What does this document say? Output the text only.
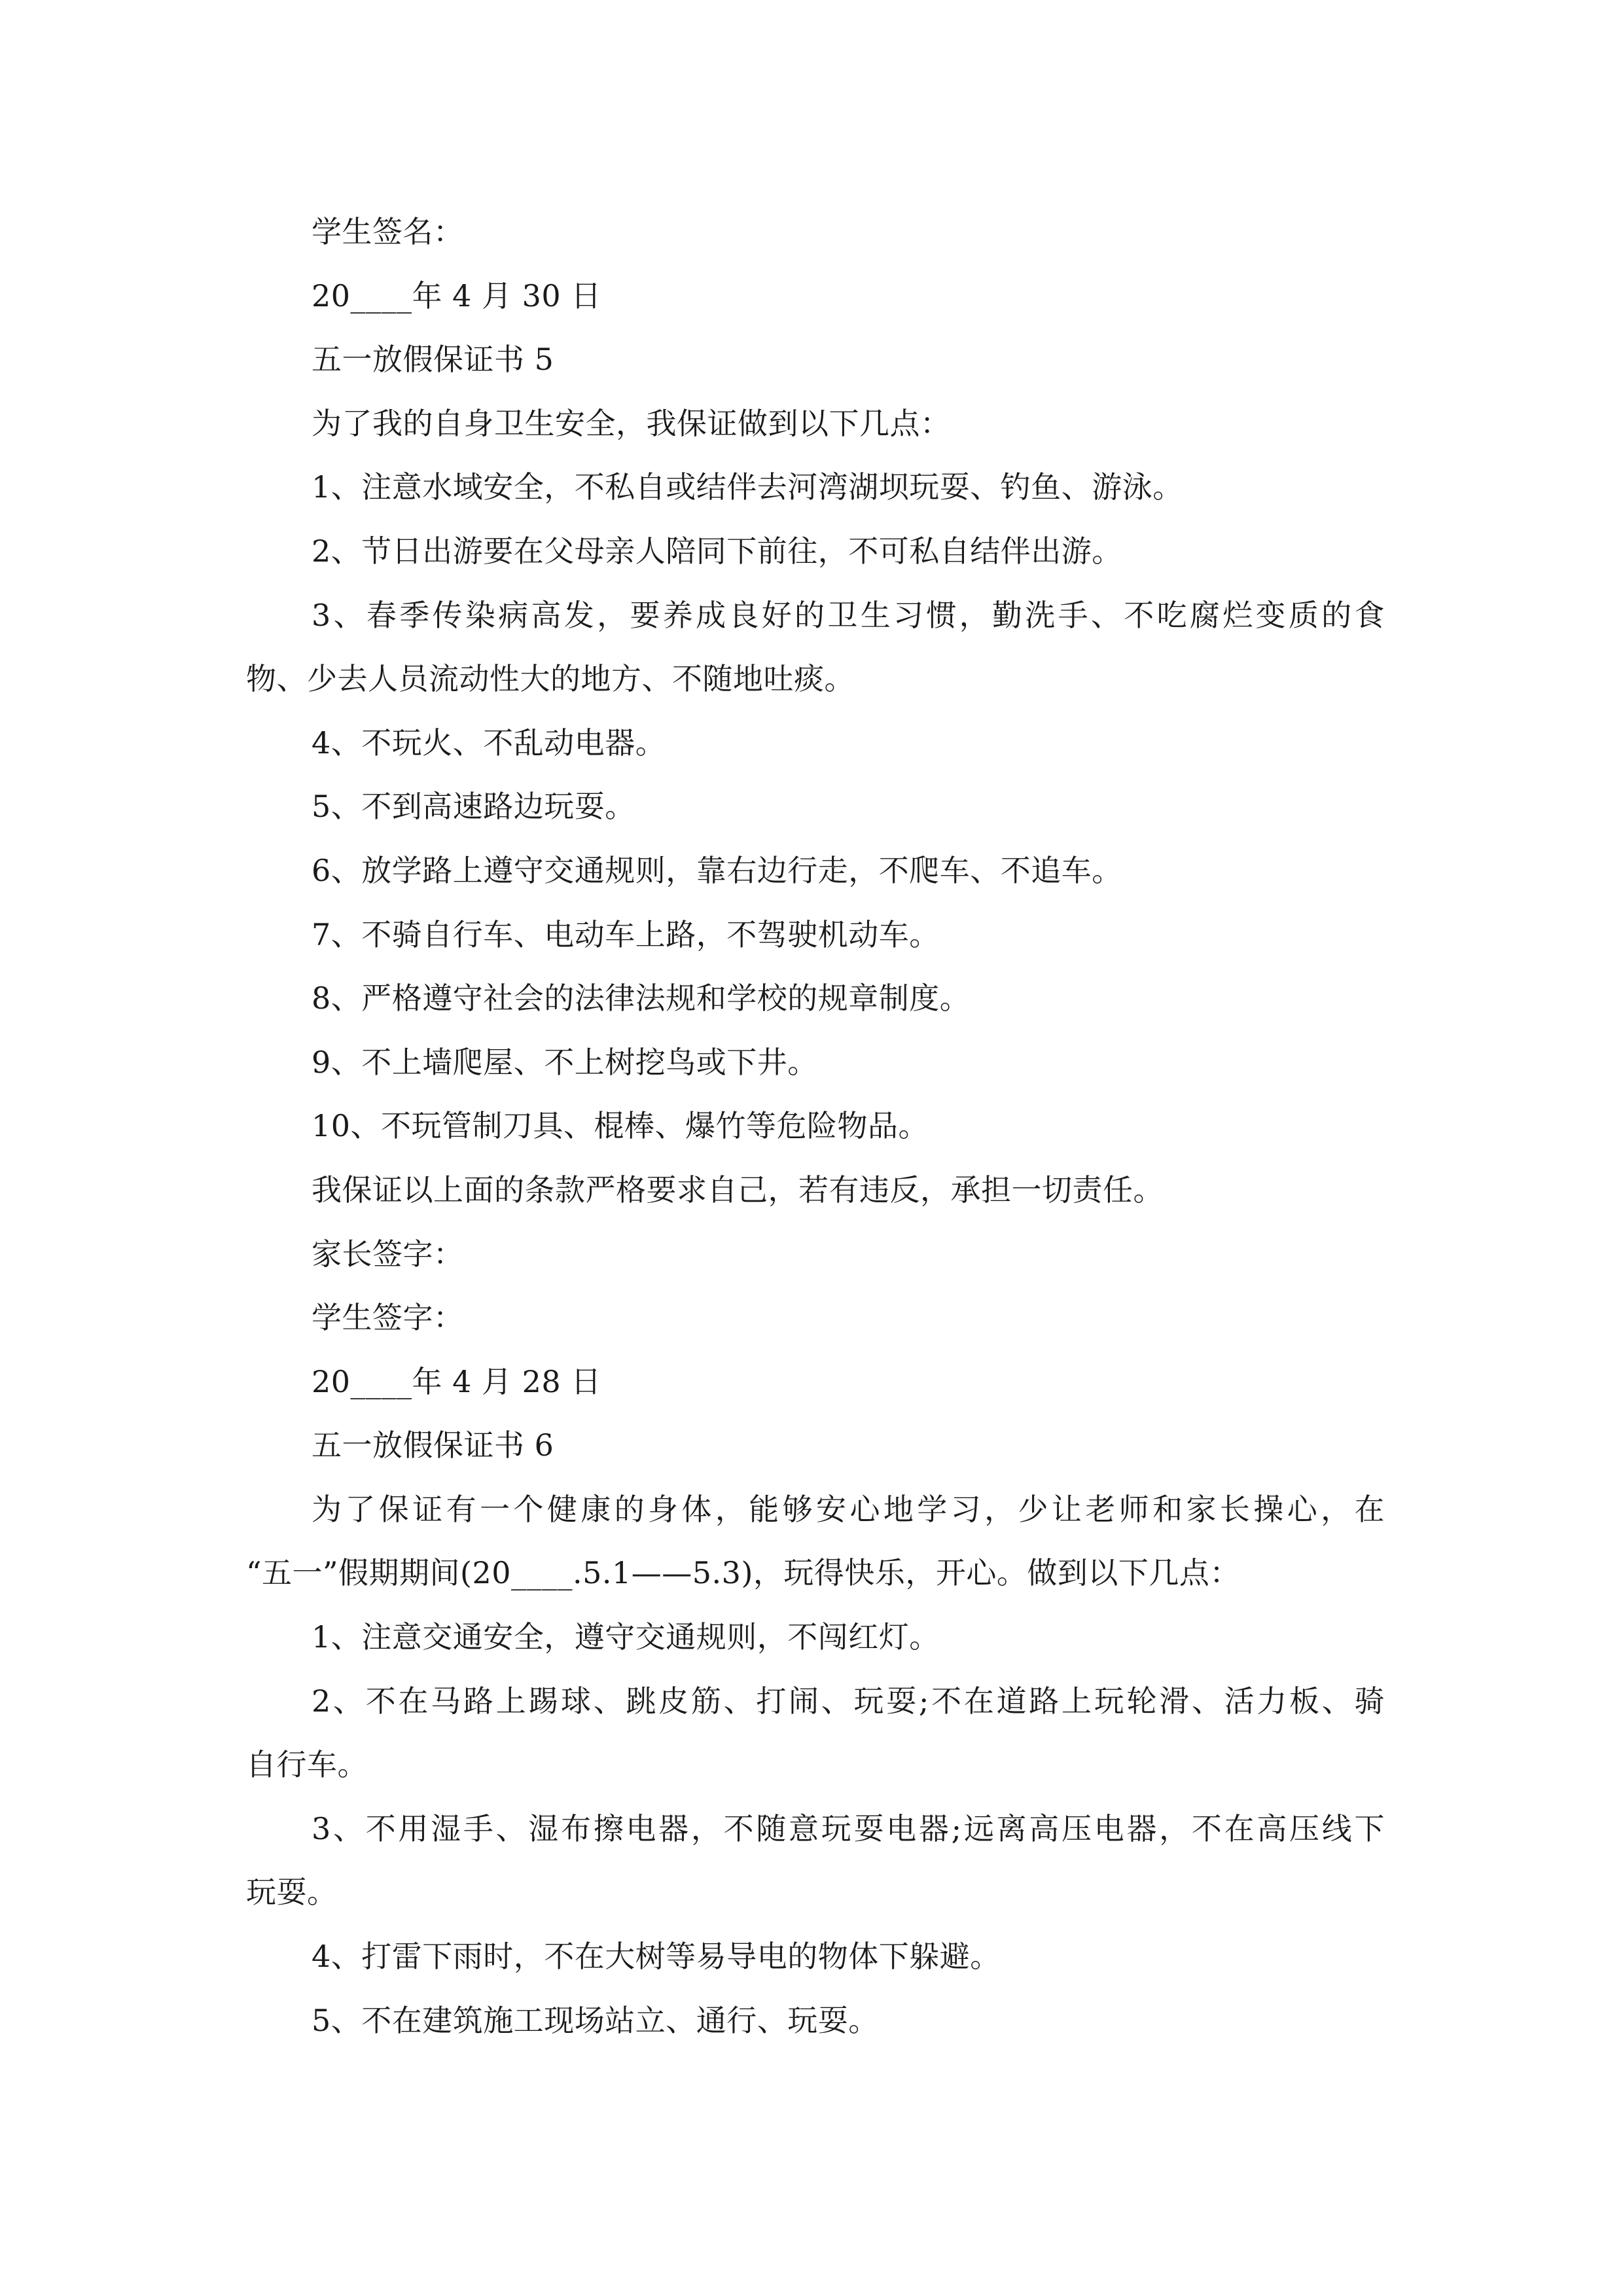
学生签名：
20____年 4 月 30 日
五一放假保证书 5
为了我的自身卫生安全，我保证做到以下几点：
1、注意水域安全，不私自或结伴去河湾湖坝玩耍、钓鱼、游泳。
2、节日出游要在父母亲人陪同下前往，不可私自结伴出游。
3、春季传染病高发，要养成良好的卫生习惯，勤洗手、不吃腐烂变质的食
物、少去人员流动性大的地方、不随地吐痰。
4、不玩火、不乱动电器。
5、不到高速路边玩耍。
6、放学路上遵守交通规则，靠右边行走，不爬车、不追车。
7、不骑自行车、电动车上路，不驾驶机动车。
8、严格遵守社会的法律法规和学校的规章制度。
9、不上墙爬屋、不上树挖鸟或下井。
10、不玩管制刀具、棍棒、爆竹等危险物品。
我保证以上面的条款严格要求自己，若有违反，承担一切责任。
家长签字：
学生签字：
20____年 4 月 28 日
五一放假保证书 6
为了保证有一个健康的身体，能够安心地学习，少让老师和家长操心，在
“五一”假期期间(20____.5.1——5.3)，玩得快乐，开心。做到以下几点：
1、注意交通安全，遵守交通规则，不闯红灯。
2、不在马路上踢球、跳皮筋、打闹、玩耍;不在道路上玩轮滑、活力板、骑
自行车。
3、不用湿手、湿布擦电器，不随意玩耍电器;远离高压电器，不在高压线下
玩耍。
4、打雷下雨时，不在大树等易导电的物体下躲避。
5、不在建筑施工现场站立、通行、玩耍。
